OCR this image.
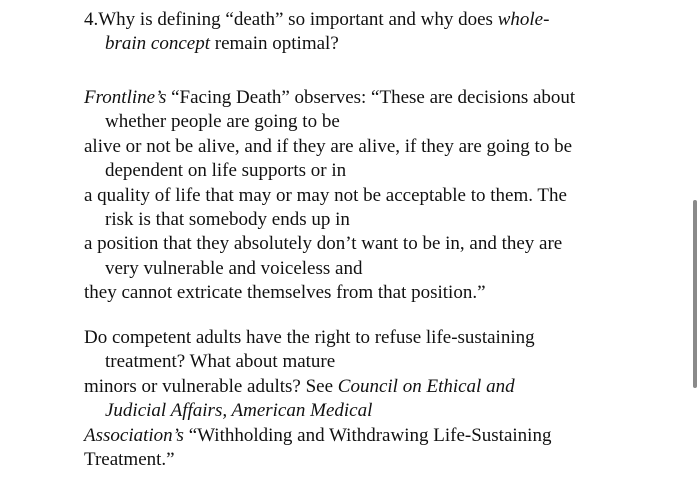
4.Why is defining “death” so important and why does whole-
brain concept remain optimal?
Frontline’s “Facing Death” observes: “These are decisions about
whether people are going to be
alive or not be alive, and if they are alive, if they are going to be
dependent on life supports or in
a quality of life that may or may not be acceptable to them. The
risk is that somebody ends up in
a position that they absolutely don’t want to be in, and they are
very vulnerable and voiceless and
they cannot extricate themselves from that position.”
Do competent adults have the right to refuse life-sustaining
treatment? What about mature
minors or vulnerable adults? See Council on Ethical and
Judicial Affairs, American Medical
Association’s “Withholding and Withdrawing Life-Sustaining
Treatment.”
